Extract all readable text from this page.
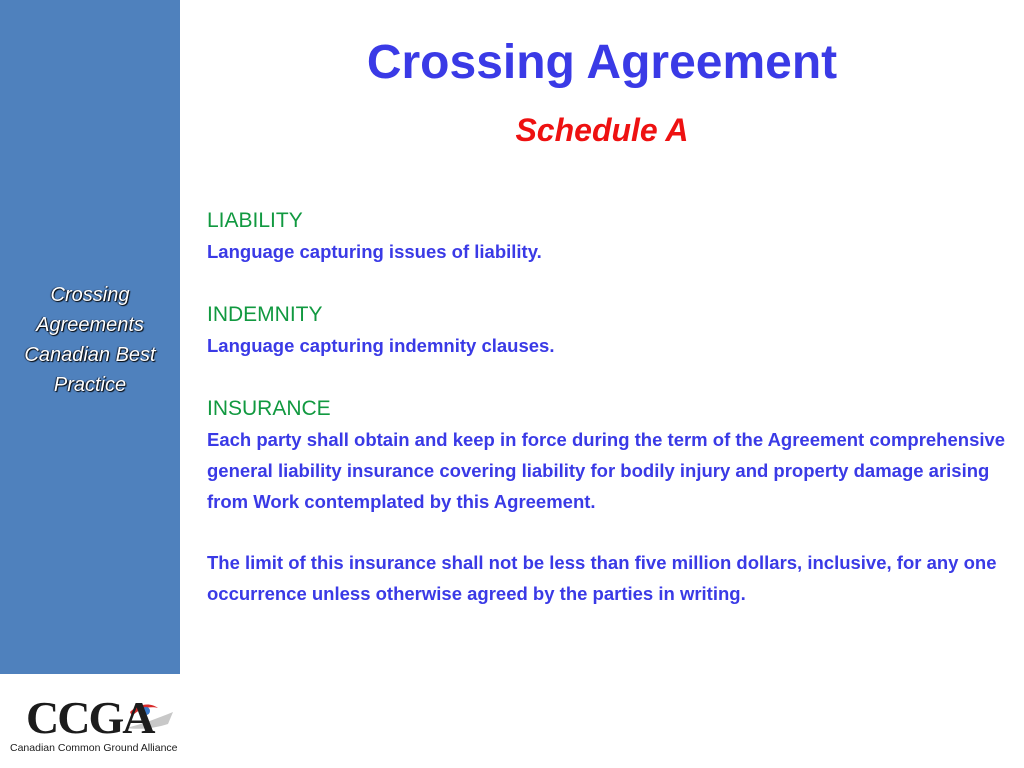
Crossing
Agreements
Canadian Best
Practice
CCGA
Canadian Common Ground Alliance
Crossing Agreement
Schedule A

LIABILITY

Language capturing issues of liability.

INDEMNITY

Language capturing indemnity clauses.

INSURANCE

Each party shall obtain and keep in force during the term of the Agreement comprehensive general liability insurance covering liability for bodily injury and property damage arising from Work contemplated by this Agreement.

The limit of this insurance shall not be less than five million dollars, inclusive, for any one occurrence unless otherwise agreed by the parties in writing.
